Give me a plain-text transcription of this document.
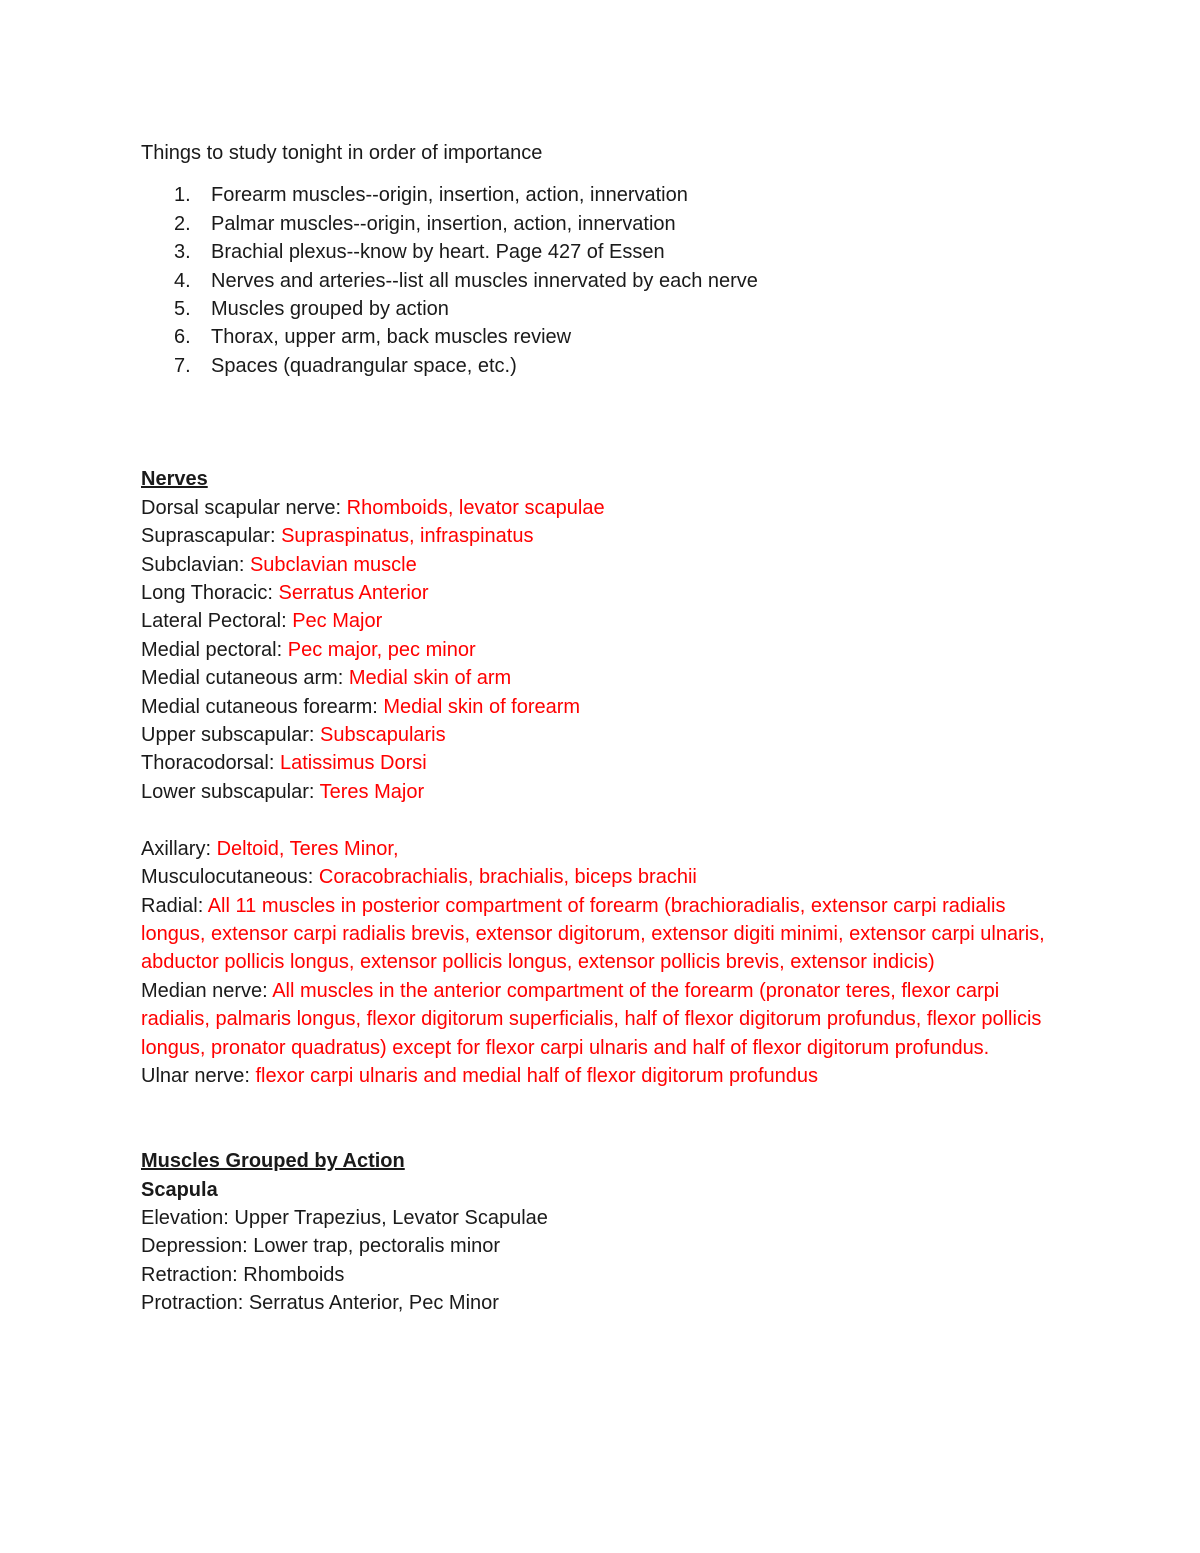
Things to study tonight in order of importance

1. Forearm muscles--origin, insertion, action, innervation
2. Palmar muscles--origin, insertion, action, innervation
3. Brachial plexus--know by heart. Page 427 of Essen
4. Nerves and arteries--list all muscles innervated by each nerve
5. Muscles grouped by action
6. Thorax, upper arm, back muscles review
7. Spaces (quadrangular space, etc.)
Nerves

Dorsal scapular nerve: Rhomboids, levator scapulae

Suprascapular: Supraspinatus, infraspinatus

Subclavian: Subclavian muscle

Long Thoracic: Serratus Anterior

Lateral Pectoral: Pec Major

Medial pectoral: Pec major, pec minor

Medial cutaneous arm: Medial skin of arm

Medial cutaneous forearm: Medial skin of forearm

Upper subscapular: Subscapularis

Thoracodorsal: Latissimus Dorsi

Lower subscapular: Teres Major

Axillary: Deltoid, Teres Minor,

Musculocutaneous: Coracobrachialis, brachialis, biceps brachii

Radial: All 11 muscles in posterior compartment of forearm (brachioradialis, extensor carpi radialis longus, extensor carpi radialis brevis, extensor digitorum, extensor digiti minimi, extensor carpi ulnaris, abductor pollicis longus, extensor pollicis longus, extensor pollicis brevis, extensor indicis)

Median nerve: All muscles in the anterior compartment of the forearm (pronator teres, flexor carpi radialis, palmaris longus, flexor digitorum superficialis, half of flexor digitorum profundus, flexor pollicis longus, pronator quadratus) except for flexor carpi ulnaris and half of flexor digitorum profundus.

Ulnar nerve: flexor carpi ulnaris and medial half of flexor digitorum profundus

Muscles Grouped by Action
Scapula

Elevation: Upper Trapezius, Levator Scapulae

Depression: Lower trap, pectoralis minor

Retraction: Rhomboids

Protraction: Serratus Anterior, Pec Minor
